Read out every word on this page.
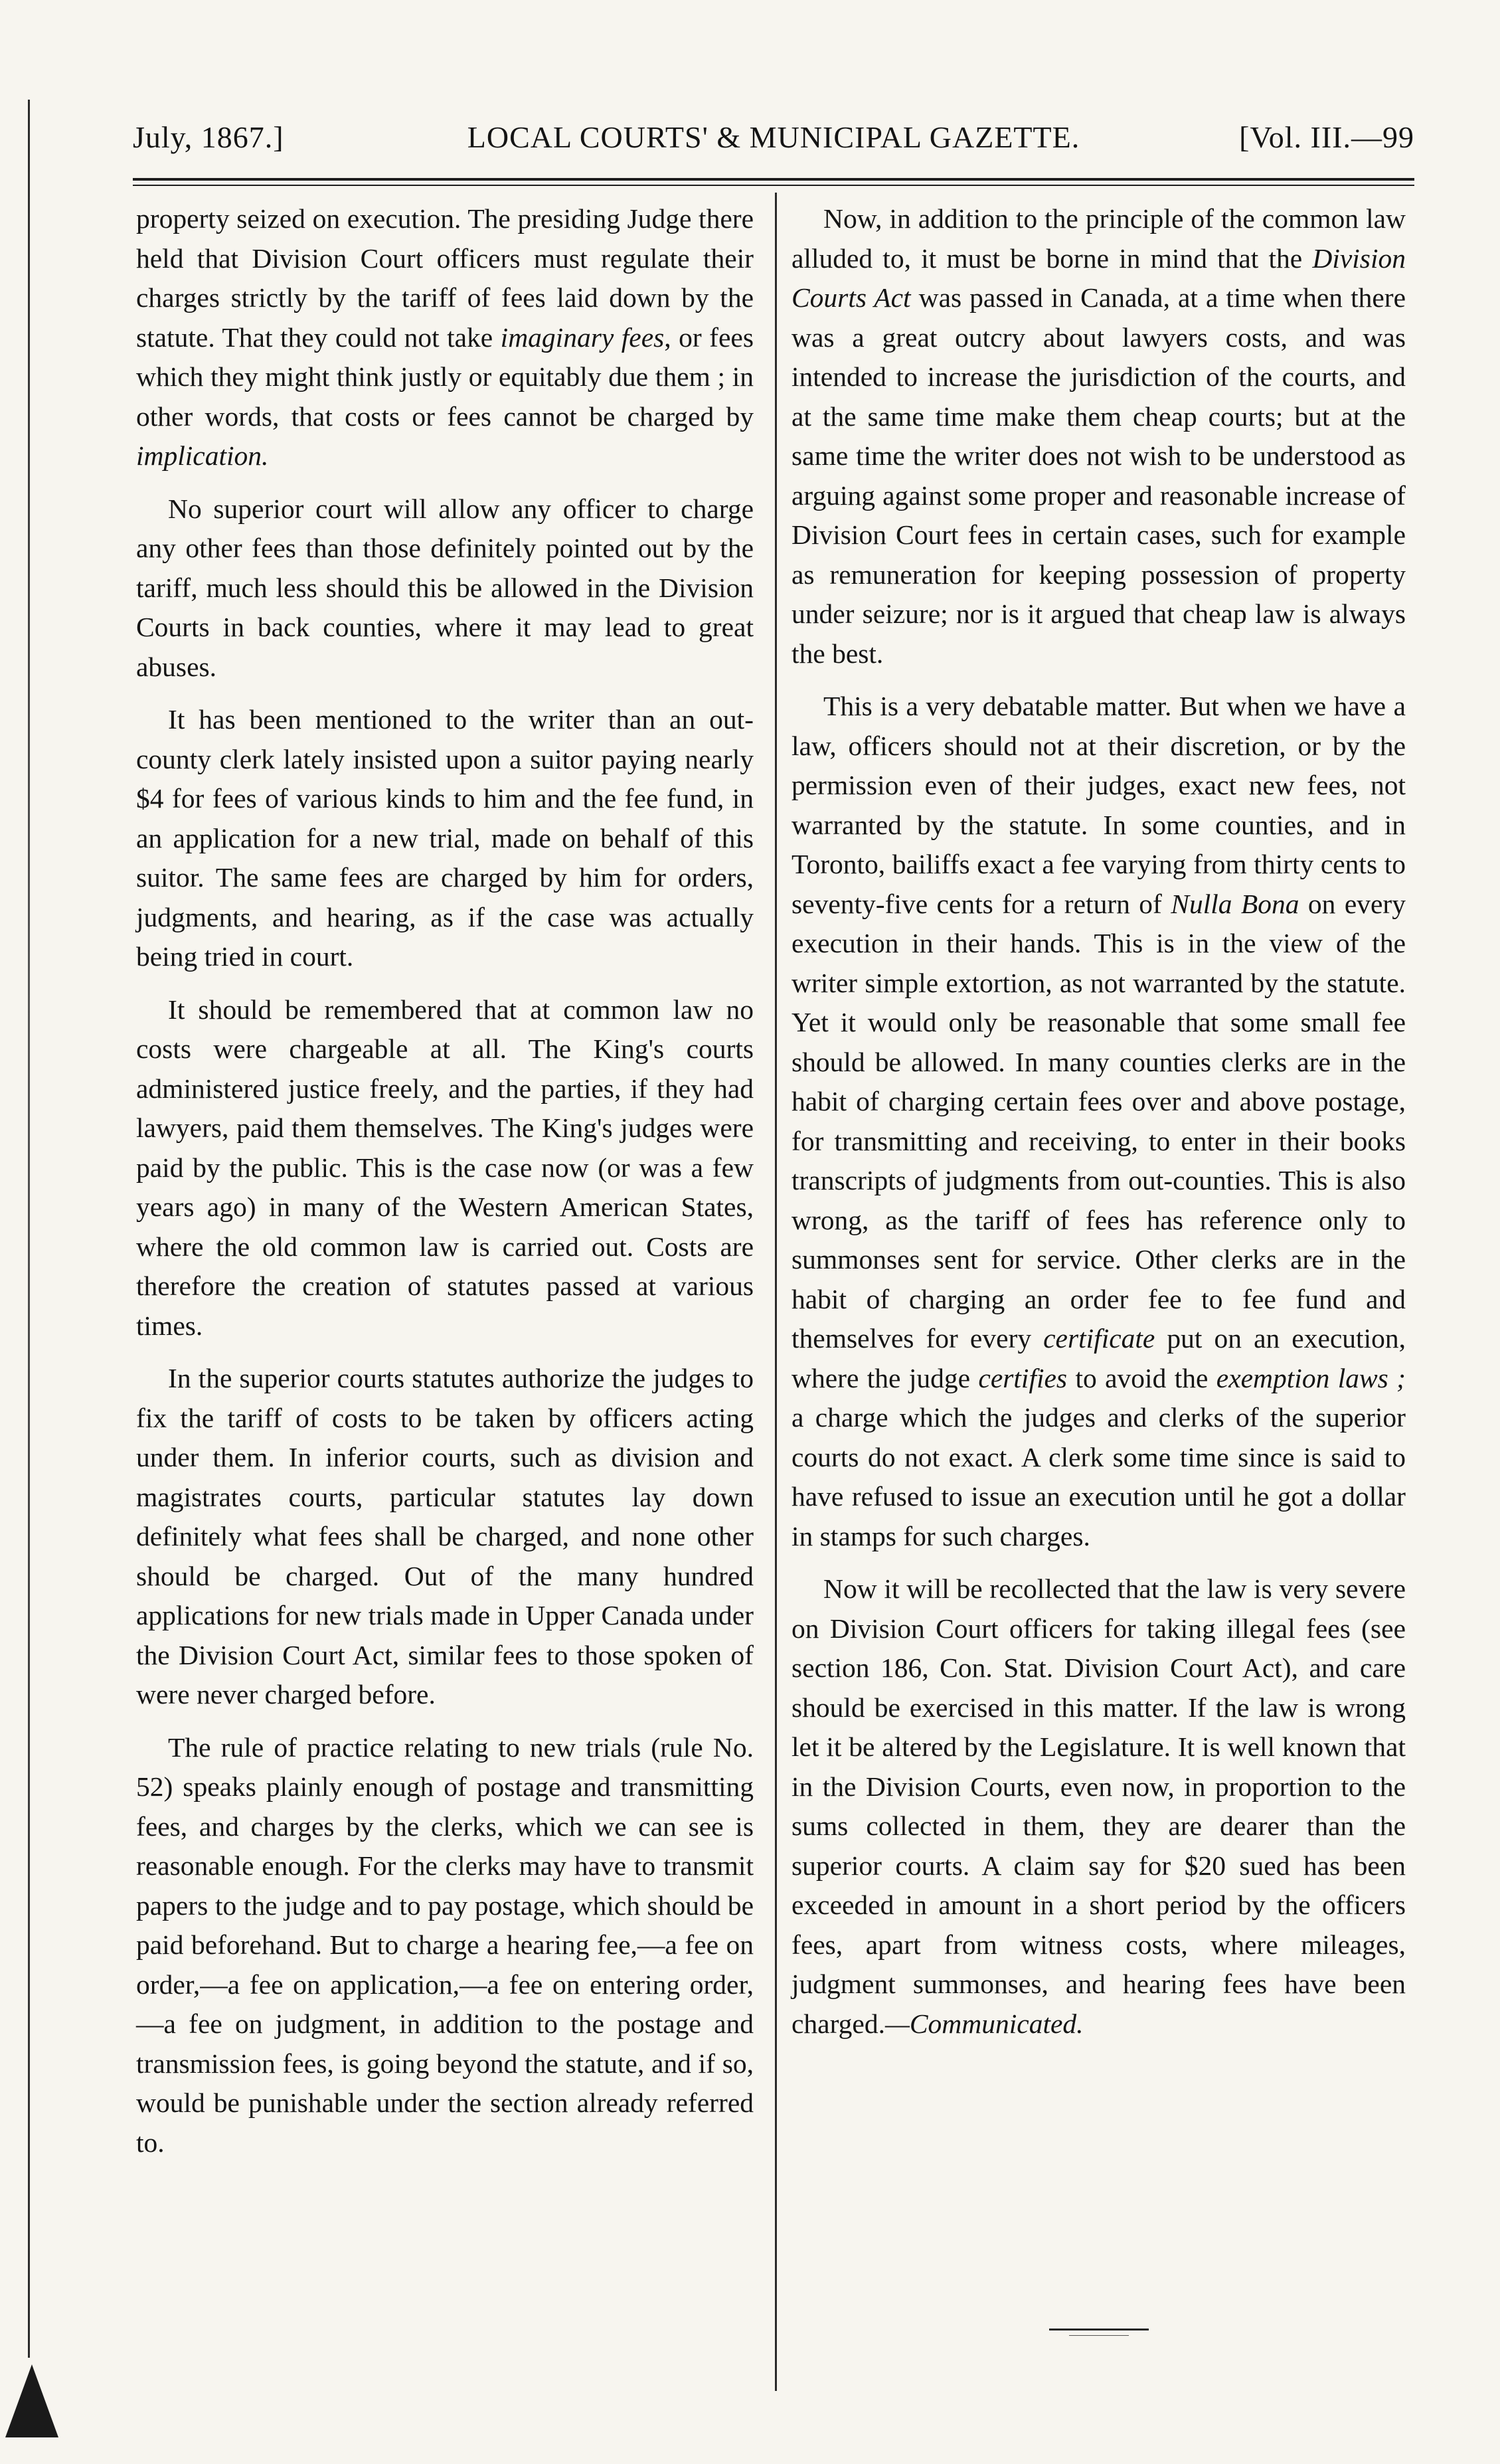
July, 1867.]	LOCAL COURTS' & MUNICIPAL GAZETTE.	[Vol. III.—99

property seized on execution. The presiding Judge there held that Division Court officers must regulate their charges strictly by the tariff of fees laid down by the statute. That they could not take imaginary fees, or fees which they might think justly or equitably due them ; in other words, that costs or fees cannot be charged by implication.

No superior court will allow any officer to charge any other fees than those definitely pointed out by the tariff, much less should this be allowed in the Division Courts in back counties, where it may lead to great abuses.

It has been mentioned to the writer than an out-county clerk lately insisted upon a suitor paying nearly $4 for fees of various kinds to him and the fee fund, in an application for a new trial, made on behalf of this suitor. The same fees are charged by him for orders, judgments, and hearing, as if the case was actually being tried in court.

It should be remembered that at common law no costs were chargeable at all. The King's courts administered justice freely, and the parties, if they had lawyers, paid them themselves. The King's judges were paid by the public. This is the case now (or was a few years ago) in many of the Western American States, where the old common law is carried out. Costs are therefore the creation of statutes passed at various times.

In the superior courts statutes authorize the judges to fix the tariff of costs to be taken by officers acting under them. In inferior courts, such as division and magistrates courts, particular statutes lay down definitely what fees shall be charged, and none other should be charged. Out of the many hundred applications for new trials made in Upper Canada under the Division Court Act, similar fees to those spoken of were never charged before.

The rule of practice relating to new trials (rule No. 52) speaks plainly enough of postage and transmitting fees, and charges by the clerks, which we can see is reasonable enough. For the clerks may have to transmit papers to the judge and to pay postage, which should be paid beforehand. But to charge a hearing fee,—a fee on order,—a fee on application,—a fee on entering order,—a fee on judgment, in addition to the postage and transmission fees, is going beyond the statute, and if so, would be punishable under the section already referred to.

Now, in addition to the principle of the common law alluded to, it must be borne in mind that the Division Courts Act was passed in Canada, at a time when there was a great outcry about lawyers costs, and was intended to increase the jurisdiction of the courts, and at the same time make them cheap courts; but at the same time the writer does not wish to be understood as arguing against some proper and reasonable increase of Division Court fees in certain cases, such for example as remuneration for keeping possession of property under seizure; nor is it argued that cheap law is always the best.

This is a very debatable matter. But when we have a law, officers should not at their discretion, or by the permission even of their judges, exact new fees, not warranted by the statute. In some counties, and in Toronto, bailiffs exact a fee varying from thirty cents to seventy-five cents for a return of Nulla Bona on every execution in their hands. This is in the view of the writer simple extortion, as not warranted by the statute. Yet it would only be reasonable that some small fee should be allowed. In many counties clerks are in the habit of charging certain fees over and above postage, for transmitting and receiving, to enter in their books transcripts of judgments from out-counties. This is also wrong, as the tariff of fees has reference only to summonses sent for service. Other clerks are in the habit of charging an order fee to fee fund and themselves for every certificate put on an execution, where the judge certifies to avoid the exemption laws ; a charge which the judges and clerks of the superior courts do not exact. A clerk some time since is said to have refused to issue an execution until he got a dollar in stamps for such charges.

Now it will be recollected that the law is very severe on Division Court officers for taking illegal fees (see section 186, Con. Stat. Division Court Act), and care should be exercised in this matter. If the law is wrong let it be altered by the Legislature. It is well known that in the Division Courts, even now, in proportion to the sums collected in them, they are dearer than the superior courts. A claim say for $20 sued has been exceeded in amount in a short period by the officers fees, apart from witness costs, where mileages, judgment summonses, and hearing fees have been charged.—Communicated.
